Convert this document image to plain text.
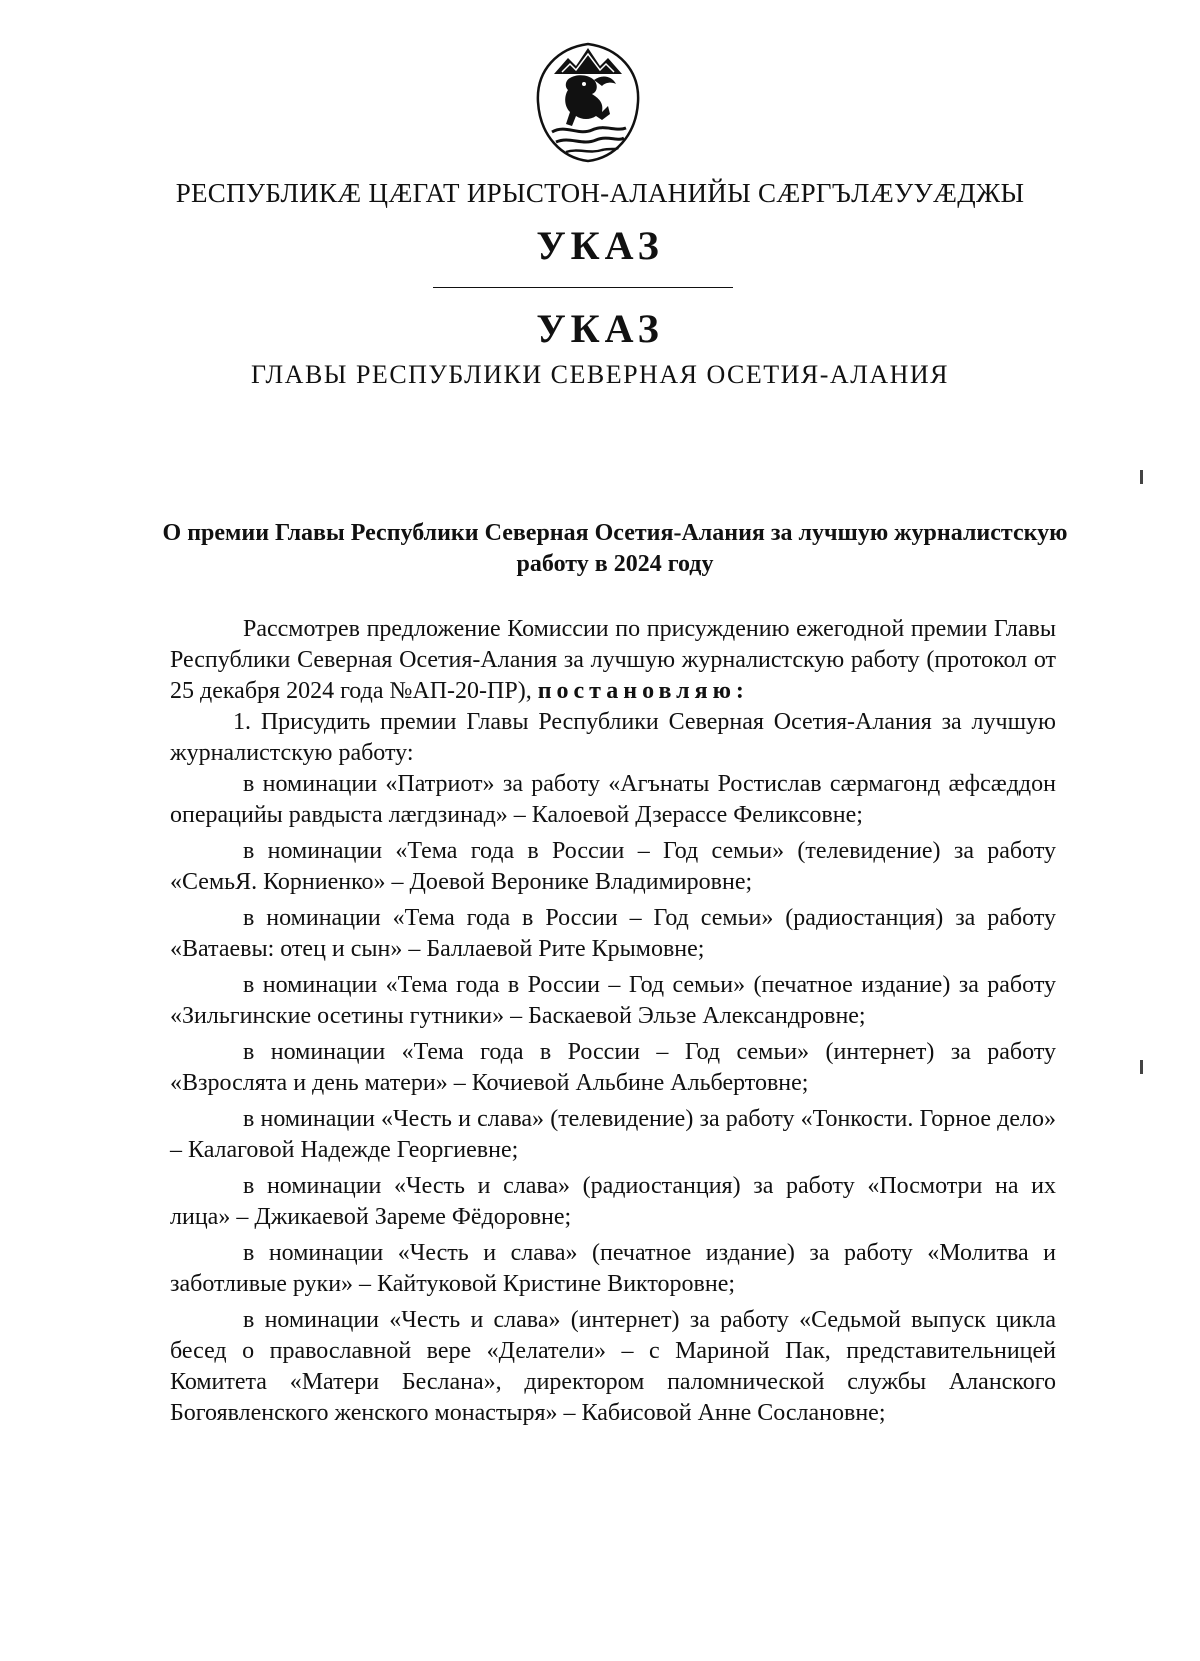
РЕСПУБЛИКÆ ЦÆГАТ ИРЫСТОН-АЛАНИЙЫ СÆРГЪЛÆУУÆДЖЫ
УКАЗ
УКАЗ
ГЛАВЫ РЕСПУБЛИКИ СЕВЕРНАЯ ОСЕТИЯ-АЛАНИЯ
О премии Главы Республики Северная Осетия-Алания за лучшую журналистскую работу в 2024 году

Рассмотрев предложение Комиссии по присуждению ежегодной премии Главы Республики Северная Осетия-Алания за лучшую журналистскую работу (протокол от 25 декабря 2024 года №АП-20-ПР), постановляю:

1. Присудить премии Главы Республики Северная Осетия-Алания за лучшую журналистскую работу:

в номинации «Патриот» за работу «Агънаты Ростислав сæрмагонд æфсæддон операцийы равдыста лæгдзинад» – Калоевой Дзерассе Феликсовне;

в номинации «Тема года в России – Год семьи» (телевидение) за работу «СемьЯ. Корниенко» – Доевой Веронике Владимировне;

в номинации «Тема года в России – Год семьи» (радиостанция) за работу «Ватаевы: отец и сын» – Баллаевой Рите Крымовне;

в номинации «Тема года в России – Год семьи» (печатное издание) за работу «Зильгинские осетины гутники» – Баскаевой Эльзе Александровне;

в номинации «Тема года в России – Год семьи» (интернет) за работу «Взрослята и день матери» – Кочиевой Альбине Альбертовне;

в номинации «Честь и слава» (телевидение) за работу «Тонкости. Горное дело» – Калаговой Надежде Георгиевне;

в номинации «Честь и слава» (радиостанция) за работу «Посмотри на их лица» – Джикаевой Зареме Фёдоровне;

в номинации «Честь и слава» (печатное издание) за работу «Молитва и заботливые руки» – Кайтуковой Кристине Викторовне;

в номинации «Честь и слава» (интернет) за работу «Седьмой выпуск цикла бесед о православной вере «Делатели» – с Мариной Пак, представительницей Комитета «Матери Беслана», директором паломнической службы Аланского Богоявленского женского монастыря» – Кабисовой Анне Сослановне;
